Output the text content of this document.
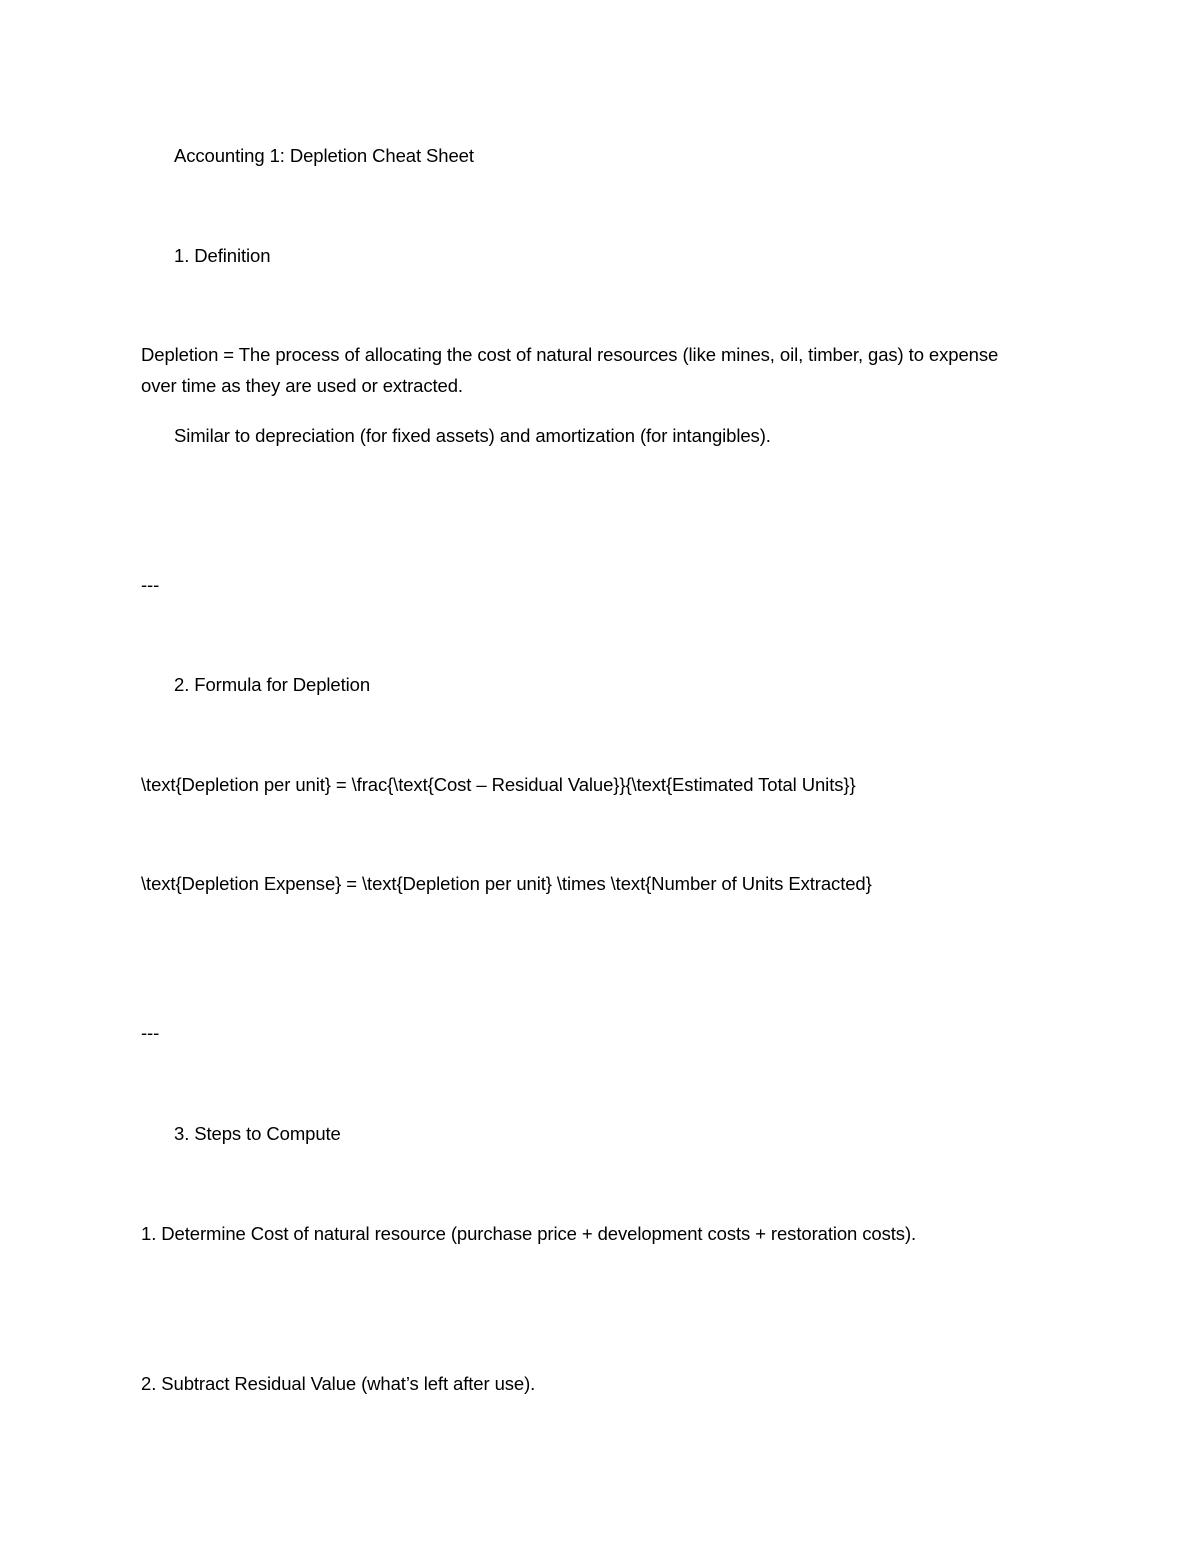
Accounting 1: Depletion Cheat Sheet
1. Definition
Depletion = The process of allocating the cost of natural resources (like mines, oil, timber, gas) to expense over time as they are used or extracted.
Similar to depreciation (for fixed assets) and amortization (for intangibles).
---
2. Formula for Depletion
\text{Depletion per unit} = \frac{\text{Cost – Residual Value}}{\text{Estimated Total Units}}
\text{Depletion Expense} = \text{Depletion per unit} \times \text{Number of Units Extracted}
---
3. Steps to Compute
1. Determine Cost of natural resource (purchase price + development costs + restoration costs).
2. Subtract Residual Value (what’s left after use).
